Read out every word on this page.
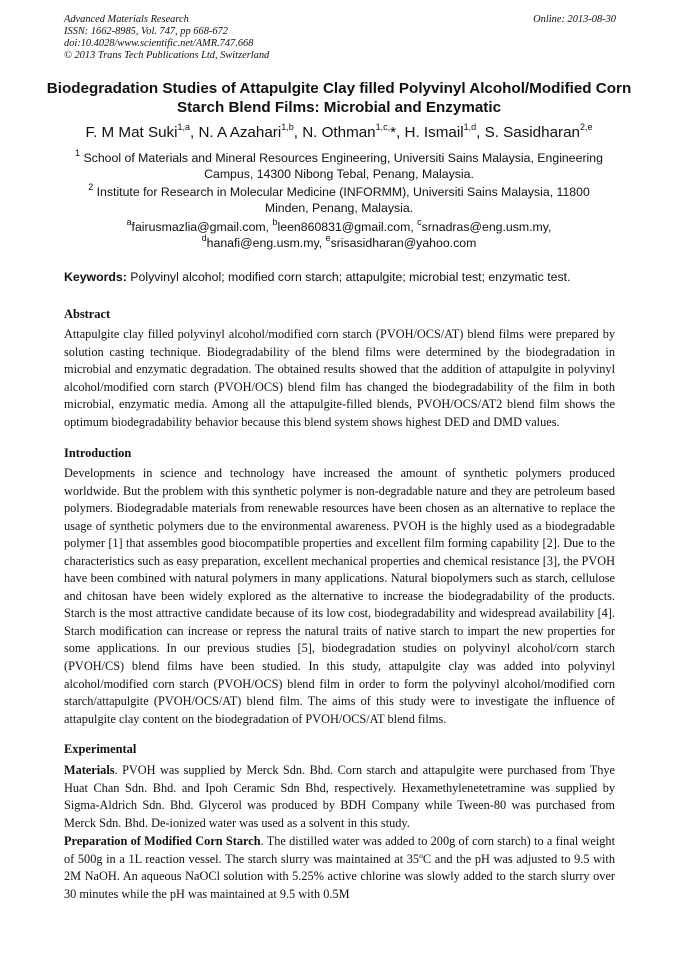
Advanced Materials Research
ISSN: 1662-8985, Vol. 747, pp 668-672
doi:10.4028/www.scientific.net/AMR.747.668
© 2013 Trans Tech Publications Ltd, Switzerland
Online: 2013-08-30
Biodegradation Studies of Attapulgite Clay filled Polyvinyl Alcohol/Modified Corn Starch Blend Films: Microbial and Enzymatic
F. M Mat Suki$^{1,a}$, N. A Azahari$^{1,b}$, N. Othman$^{1,c,}$*, H. Ismail$^{1,d}$, S. Sasidharan$^{2,e}$
$^1$ School of Materials and Mineral Resources Engineering, Universiti Sains Malaysia, Engineering Campus, 14300 Nibong Tebal, Penang, Malaysia.
$^2$ Institute for Research in Molecular Medicine (INFORMM), Universiti Sains Malaysia, 11800 Minden, Penang, Malaysia.
$^a$fairusmazlia@gmail.com, $^b$leen860831@gmail.com, $^c$srnadras@eng.usm.my,
$^d$hanafi@eng.usm.my, $^e$srisasidharan@yahoo.com
Keywords: Polyvinyl alcohol; modified corn starch; attapulgite; microbial test; enzymatic test.
Abstract
Attapulgite clay filled polyvinyl alcohol/modified corn starch (PVOH/OCS/AT) blend films were prepared by solution casting technique. Biodegradability of the blend films were determined by the biodegradation in microbial and enzymatic degradation. The obtained results showed that the addition of attapulgite in polyvinyl alcohol/modified corn starch (PVOH/OCS) blend film has changed the biodegradability of the film in both microbial, enzymatic media. Among all the attapulgite-filled blends, PVOH/OCS/AT2 blend film shows the optimum biodegradability behavior because this blend system shows highest DED and DMD values.
Introduction
Developments in science and technology have increased the amount of synthetic polymers produced worldwide. But the problem with this synthetic polymer is non-degradable nature and they are petroleum based polymers. Biodegradable materials from renewable resources have been chosen as an alternative to replace the usage of synthetic polymers due to the environmental awareness. PVOH is the highly used as a biodegradable polymer [1] that assembles good biocompatible properties and excellent film forming capability [2]. Due to the characteristics such as easy preparation, excellent mechanical properties and chemical resistance [3], the PVOH have been combined with natural polymers in many applications. Natural biopolymers such as starch, cellulose and chitosan have been widely explored as the alternative to increase the biodegradability of the products. Starch is the most attractive candidate because of its low cost, biodegradability and widespread availability [4]. Starch modification can increase or repress the natural traits of native starch to impart the new properties for some applications. In our previous studies [5], biodegradation studies on polyvinyl alcohol/corn starch (PVOH/CS) blend films have been studied. In this study, attapulgite clay was added into polyvinyl alcohol/modified corn starch (PVOH/OCS) blend film in order to form the polyvinyl alcohol/modified corn starch/attapulgite (PVOH/OCS/AT) blend film. The aims of this study were to investigate the influence of attapulgite clay content on the biodegradation of PVOH/OCS/AT blend films.
Experimental
Materials. PVOH was supplied by Merck Sdn. Bhd. Corn starch and attapulgite were purchased from Thye Huat Chan Sdn. Bhd. and Ipoh Ceramic Sdn Bhd, respectively. Hexamethylenetetramine was supplied by Sigma-Aldrich Sdn. Bhd. Glycerol was produced by BDH Company while Tween-80 was purchased from Merck Sdn. Bhd. De-ionized water was used as a solvent in this study.
Preparation of Modified Corn Starch. The distilled water was added to 200g of corn starch) to a final weight of 500g in a 1L reaction vessel. The starch slurry was maintained at 35ºC and the pH was adjusted to 9.5 with 2M NaOH. An aqueous NaOCl solution with 5.25% active chlorine was slowly added to the starch slurry over 30 minutes while the pH was maintained at 9.5 with 0.5M
